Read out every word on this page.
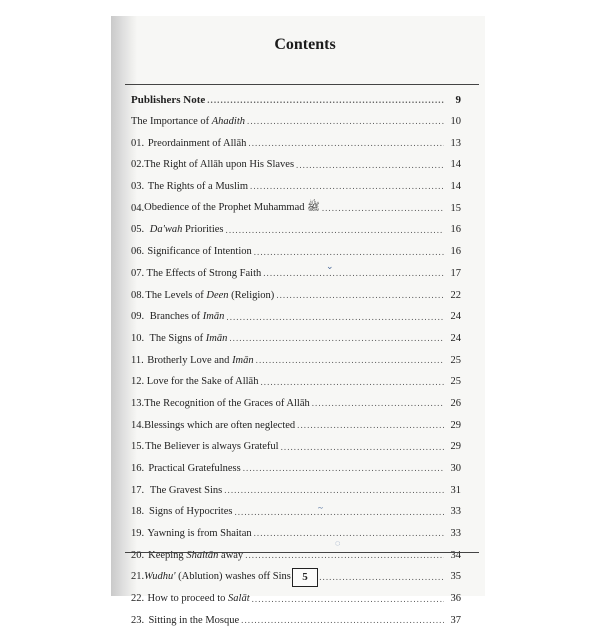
Contents
Publishers Note . . .	9
The Importance of Ahadith . . .	10
01. Preordainment of Allāh . . .	13
02. The Right of Allāh upon His Slaves . . .	14
03. The Rights of a Muslim . . .	14
04. Obedience of the Prophet Muhammad ﷺ . . .	15
05. Da'wah Priorities . . .	16
06. Significance of Intention . . .	16
07. The Effects of Strong Faith . . .	17
08. The Levels of Deen (Religion) . . .	22
09. Branches of Imān . . .	24
10. The Signs of Imān . . .	24
11. Brotherly Love and Imān . . .	25
12. Love for the Sake of Allāh . . .	25
13. The Recognition of the Graces of Allāh . . .	26
14. Blessings which are often neglected . . .	29
15. The Believer is always Grateful . . .	29
16. Practical Gratefulness . . .	30
17. The Gravest Sins . . .	31
18. Signs of Hypocrites . . .	33
19. Yawning is from Shaitan . . .	33
20. Keeping Shaitān away . . .	34
21. Wudhu' (Ablution) washes off Sins . . .	35
22. How to proceed to Salāt . . .	36
23. Sitting in the Mosque . . .	37
⌄
~
◌
5
